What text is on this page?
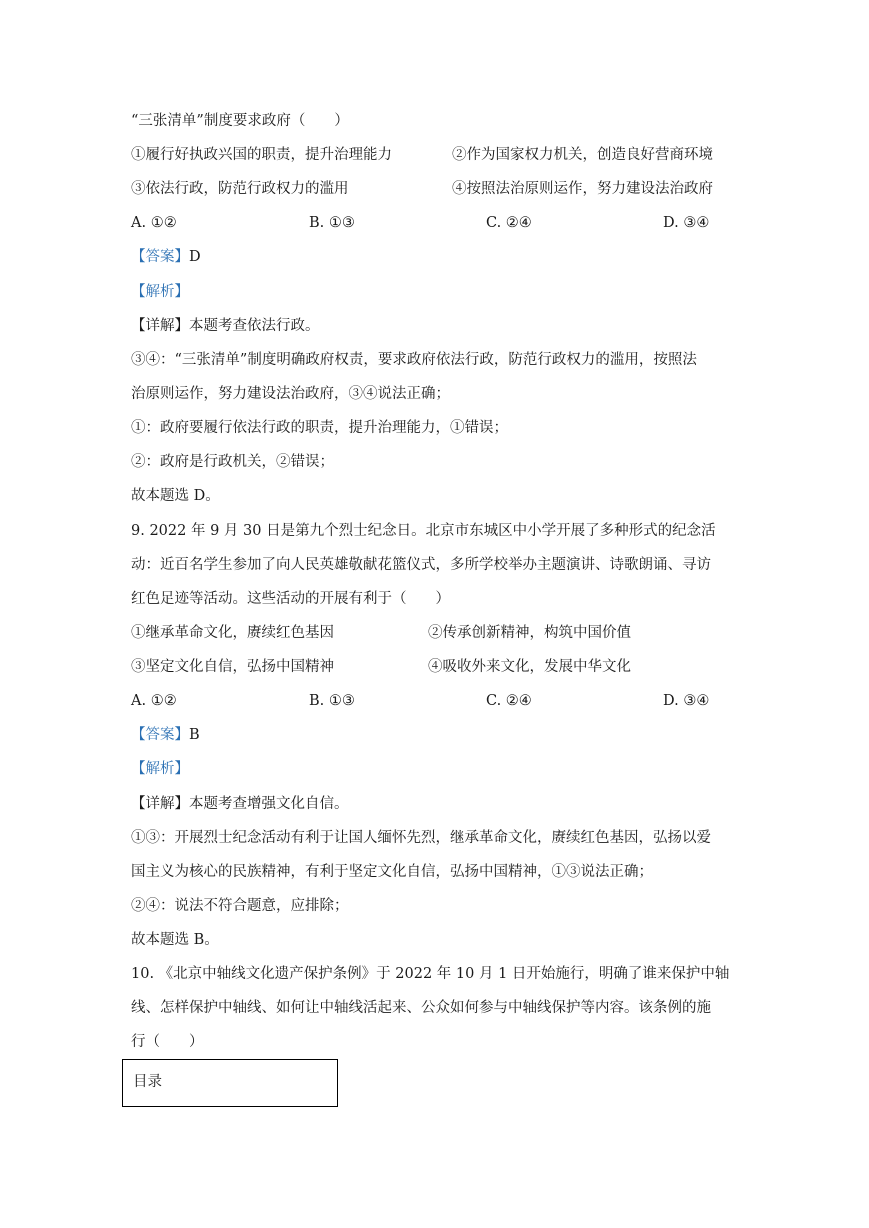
“三张清单”制度要求政府（　　）
①履行好执政兴国的职责，提升治理能力	②作为国家权力机关，创造良好营商环境
③依法行政，防范行政权力的滥用	④按照法治原则运作，努力建设法治政府
A. ①②	B. ①③	C. ②④	D. ③④
【答案】D
【解析】
【详解】本题考查依法行政。
③④：“三张清单”制度明确政府权责，要求政府依法行政，防范行政权力的滥用，按照法
治原则运作，努力建设法治政府，③④说法正确；
①：政府要履行依法行政的职责，提升治理能力，①错误；
②：政府是行政机关，②错误；
故本题选 D。
9. 2022 年 9 月 30 日是第九个烈士纪念日。北京市东城区中小学开展了多种形式的纪念活
动：近百名学生参加了向人民英雄敬献花篮仪式，多所学校举办主题演讲、诗歌朗诵、寻访
红色足迹等活动。这些活动的开展有利于（　　）
①继承革命文化，赓续红色基因	②传承创新精神，构筑中国价值
③坚定文化自信，弘扬中国精神	④吸收外来文化，发展中华文化
A. ①②	B. ①③	C. ②④	D. ③④
【答案】B
【解析】
【详解】本题考查增强文化自信。
①③：开展烈士纪念活动有利于让国人缅怀先烈，继承革命文化，赓续红色基因，弘扬以爱
国主义为核心的民族精神，有利于坚定文化自信，弘扬中国精神，①③说法正确；
②④：说法不符合题意，应排除；
故本题选 B。
10. 《北京中轴线文化遗产保护条例》于 2022 年 10 月 1 日开始施行，明确了谁来保护中轴
线、怎样保护中轴线、如何让中轴线活起来、公众如何参与中轴线保护等内容。该条例的施
行（　　）
目录
